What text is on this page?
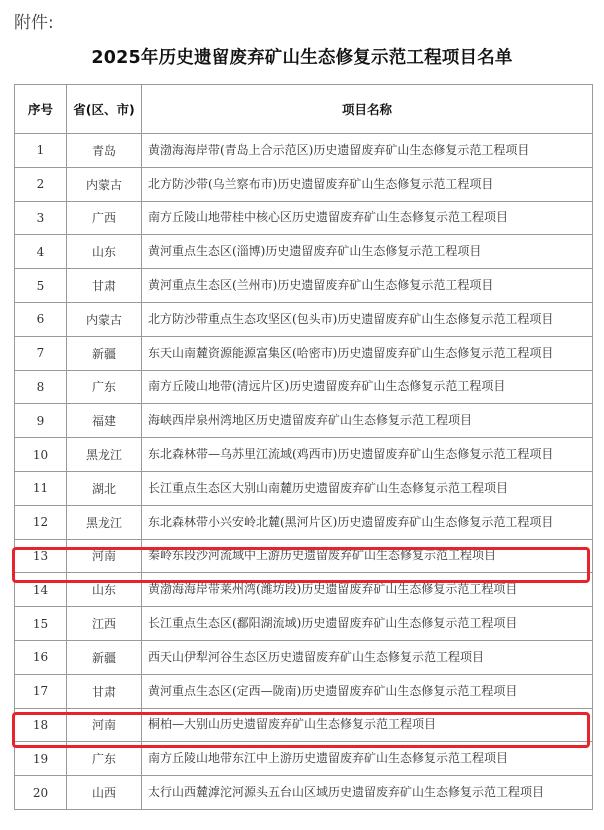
附件:
2025年历史遗留废弃矿山生态修复示范工程项目名单
序号	省(区、市)	项目名称
1	青岛	黄渤海海岸带(青岛上合示范区)历史遗留废弃矿山生态修复示范工程项目
2	内蒙古	北方防沙带(乌兰察布市)历史遗留废弃矿山生态修复示范工程项目
3	广西	南方丘陵山地带桂中核心区历史遗留废弃矿山生态修复示范工程项目
4	山东	黄河重点生态区(淄博)历史遗留废弃矿山生态修复示范工程项目
5	甘肃	黄河重点生态区(兰州市)历史遗留废弃矿山生态修复示范工程项目
6	内蒙古	北方防沙带重点生态攻坚区(包头市)历史遗留废弃矿山生态修复示范工程项目
7	新疆	东天山南麓资源能源富集区(哈密市)历史遗留废弃矿山生态修复示范工程项目
8	广东	南方丘陵山地带(清远片区)历史遗留废弃矿山生态修复示范工程项目
9	福建	海峡西岸泉州湾地区历史遗留废弃矿山生态修复示范工程项目
10	黑龙江	东北森林带—乌苏里江流域(鸡西市)历史遗留废弃矿山生态修复示范工程项目
11	湖北	长江重点生态区大别山南麓历史遗留废弃矿山生态修复示范工程项目
12	黑龙江	东北森林带小兴安岭北麓(黑河片区)历史遗留废弃矿山生态修复示范工程项目
13	河南	秦岭东段沙河流域中上游历史遗留废弃矿山生态修复示范工程项目
14	山东	黄渤海海岸带莱州湾(潍坊段)历史遗留废弃矿山生态修复示范工程项目
15	江西	长江重点生态区(鄱阳湖流域)历史遗留废弃矿山生态修复示范工程项目
16	新疆	西天山伊犁河谷生态区历史遗留废弃矿山生态修复示范工程项目
17	甘肃	黄河重点生态区(定西—陇南)历史遗留废弃矿山生态修复示范工程项目
18	河南	桐柏—大别山历史遗留废弃矿山生态修复示范工程项目
19	广东	南方丘陵山地带东江中上游历史遗留废弃矿山生态修复示范工程项目
20	山西	太行山西麓滹沱河源头五台山区域历史遗留废弃矿山生态修复示范工程项目
